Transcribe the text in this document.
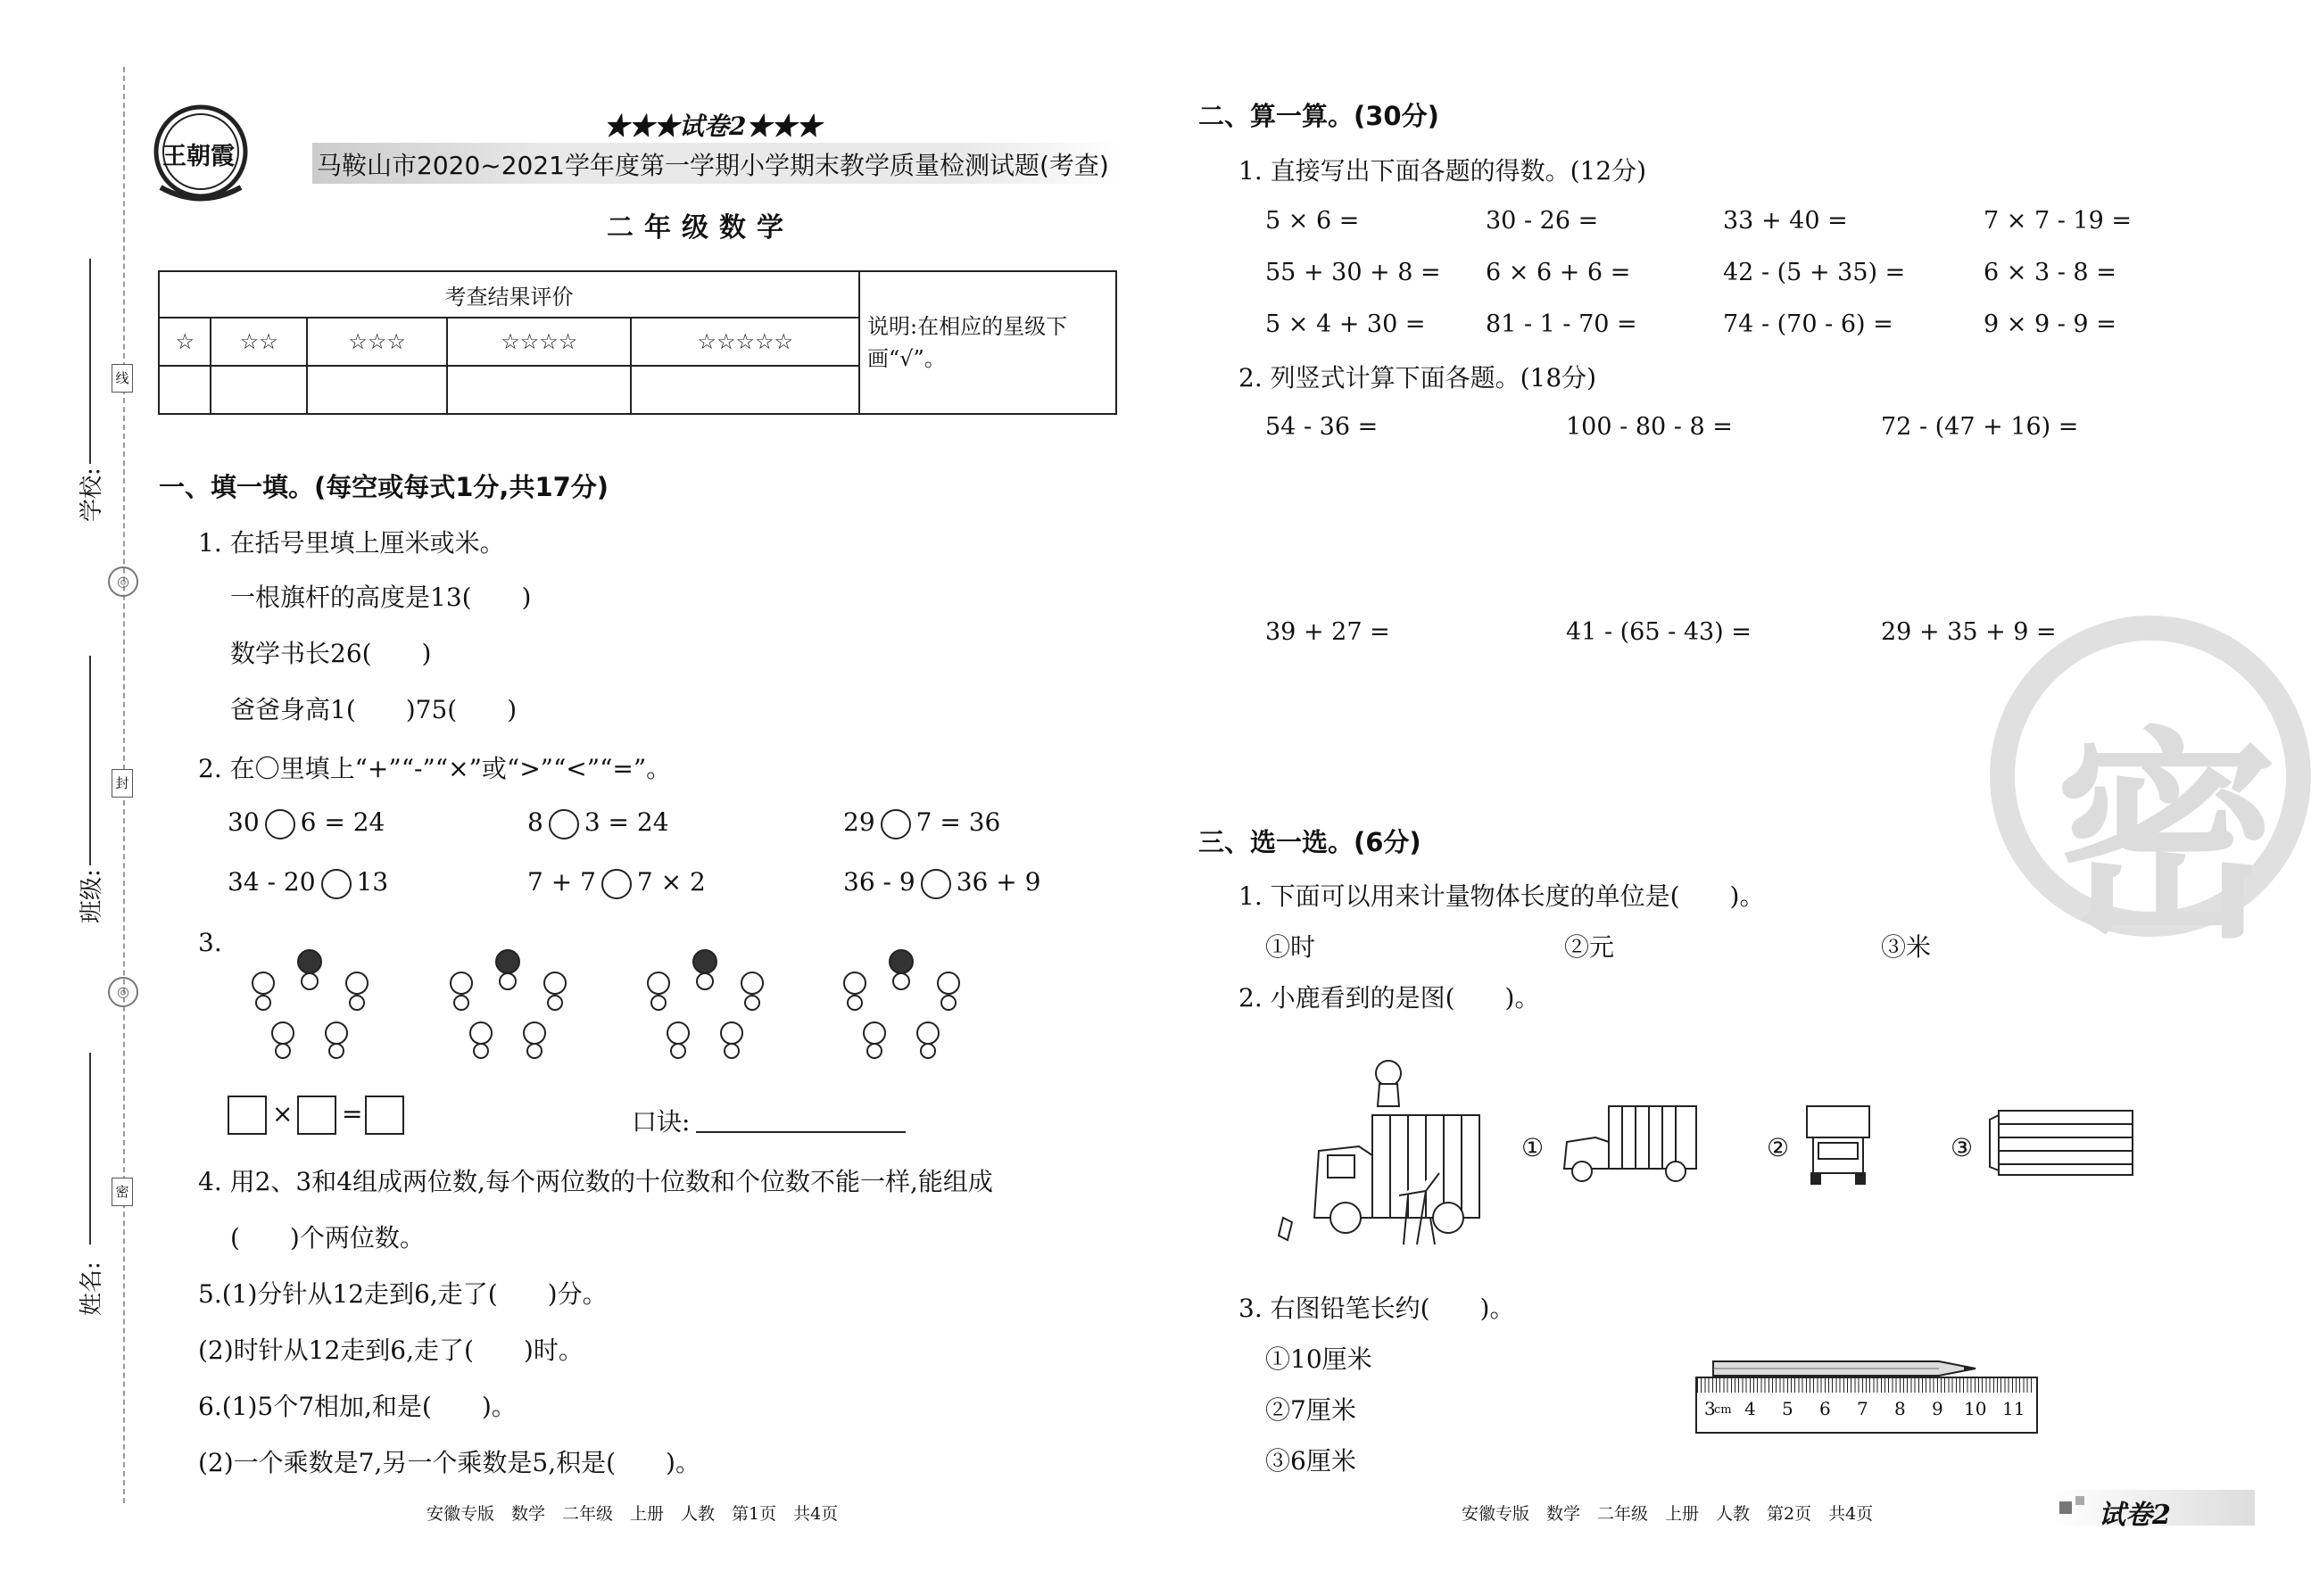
线
封
密
◎
◎
学校:
班级:
姓名:
王朝霞
★★★试卷2★★★
马鞍山市2020~2021学年度第一学期小学期末教学质量检测试题(考查)
二年级数学
考查结果评价					说明:在相应的星级下画“√”。
☆	☆☆	☆☆☆	☆☆☆☆	☆☆☆☆☆	

一、填一填。(每空或每式1分,共17分)
1. 在括号里填上厘米或米。
一根旗杆的高度是13(　　)
数学书长26(　　)
爸爸身高1(　　)75(　　)
2. 在〇里填上“+”“-”“×”或“>”“<”“=”。
30 6 = 24	8 3 = 24	29 7 = 36
34 - 20 13	7 + 7 7 × 2	36 - 9 36 + 9
3.
× =	口诀:
4. 用2、3和4组成两位数,每个两位数的十位数和个位数不能一样,能组成
(　　)个两位数。
5.(1)分针从12走到6,走了(　　)分。
(2)时针从12走到6,走了(　　)时。
6.(1)5个7相加,和是(　　)。
(2)一个乘数是7,另一个乘数是5,积是(　　)。
安徽专版　数学　二年级　上册　人教　第1页　共4页
密
二、算一算。(30分)
1. 直接写出下面各题的得数。(12分)
5 × 6 =	30 - 26 =	33 + 40 =	7 × 7 - 19 =
55 + 30 + 8 = 6 × 6 + 6 =	42 - (5 + 35) =	6 × 3 - 8 =
5 × 4 + 30 =	81 - 1 - 70 =	74 - (70 - 6) =	9 × 9 - 9 =
2. 列竖式计算下面各题。(18分)
54 - 36 =	100 - 80 - 8 =	72 - (47 + 16) =
39 + 27 =	41 - (65 - 43) =	29 + 35 + 9 =
三、选一选。(6分)
1. 下面可以用来计量物体长度的单位是(　　)。
①时	②元	③米
2. 小鹿看到的是图(　　)。
①	②	③
3. 右图铅笔长约(　　)。
①10厘米
②7厘米
③6厘米
3
cm 4 5 6 7 8 9 10 11
安徽专版　数学　二年级　上册　人教　第2页　共4页	试卷2
